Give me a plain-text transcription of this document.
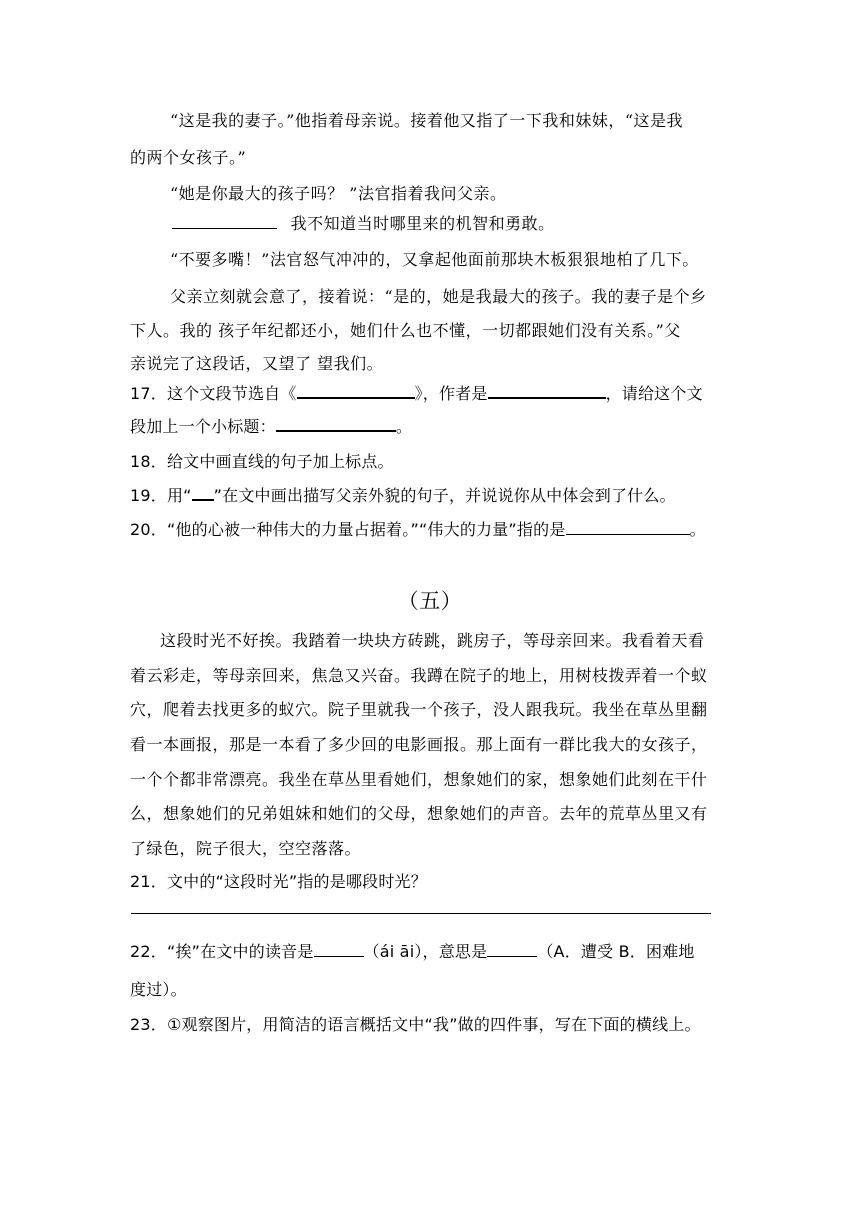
“这是我的妻子。”他指着母亲说。接着他又指了一下我和妹妹，“这是我
的两个女孩子。”
“她是你最大的孩子吗？ ”法官指着我问父亲。
我不知道当时哪里来的机智和勇敢。
“不要多嘴！”法官怒气冲冲的，又拿起他面前那块木板狠狠地柏了几下。
父亲立刻就会意了，接着说：“是的，她是我最大的孩子。我的妻子是个乡
下人。我的 孩子年纪都还小，她们什么也不懂，一切都跟她们没有关系。”父
亲说完了这段话，又望了 望我们。
17．这个文段节选自《	》，作者是	，请给这个文
段加上一个小标题：	。
18．给文中画直线的句子加上标点。
19．用“ ”在文中画出描写父亲外貌的句子，并说说你从中体会到了什么。
20．“他的心被一种伟大的力量占据着。”“伟大的力量”指的是	。
（五）
这段时光不好挨。我踏着一块块方砖跳，跳房子，等母亲回来。我看着天看
着云彩走，等母亲回来，焦急又兴奋。我蹲在院子的地上，用树枝拨弄着一个蚁
穴，爬着去找更多的蚁穴。院子里就我一个孩子，没人跟我玩。我坐在草丛里翻
看一本画报，那是一本看了多少回的电影画报。那上面有一群比我大的女孩子，
一个个都非常漂亮。我坐在草丛里看她们，想象她们的家，想象她们此刻在干什
么，想象她们的兄弟姐妹和她们的父母，想象她们的声音。去年的荒草丛里又有
了绿色，院子很大，空空落落。
21．文中的“这段时光”指的是哪段时光？
22．“挨”在文中的读音是	（ái āi），意思是	（A．遭受 B．困难地
度过）。
23．①观察图片，用简洁的语言概括文中“我”做的四件事，写在下面的横线上。
